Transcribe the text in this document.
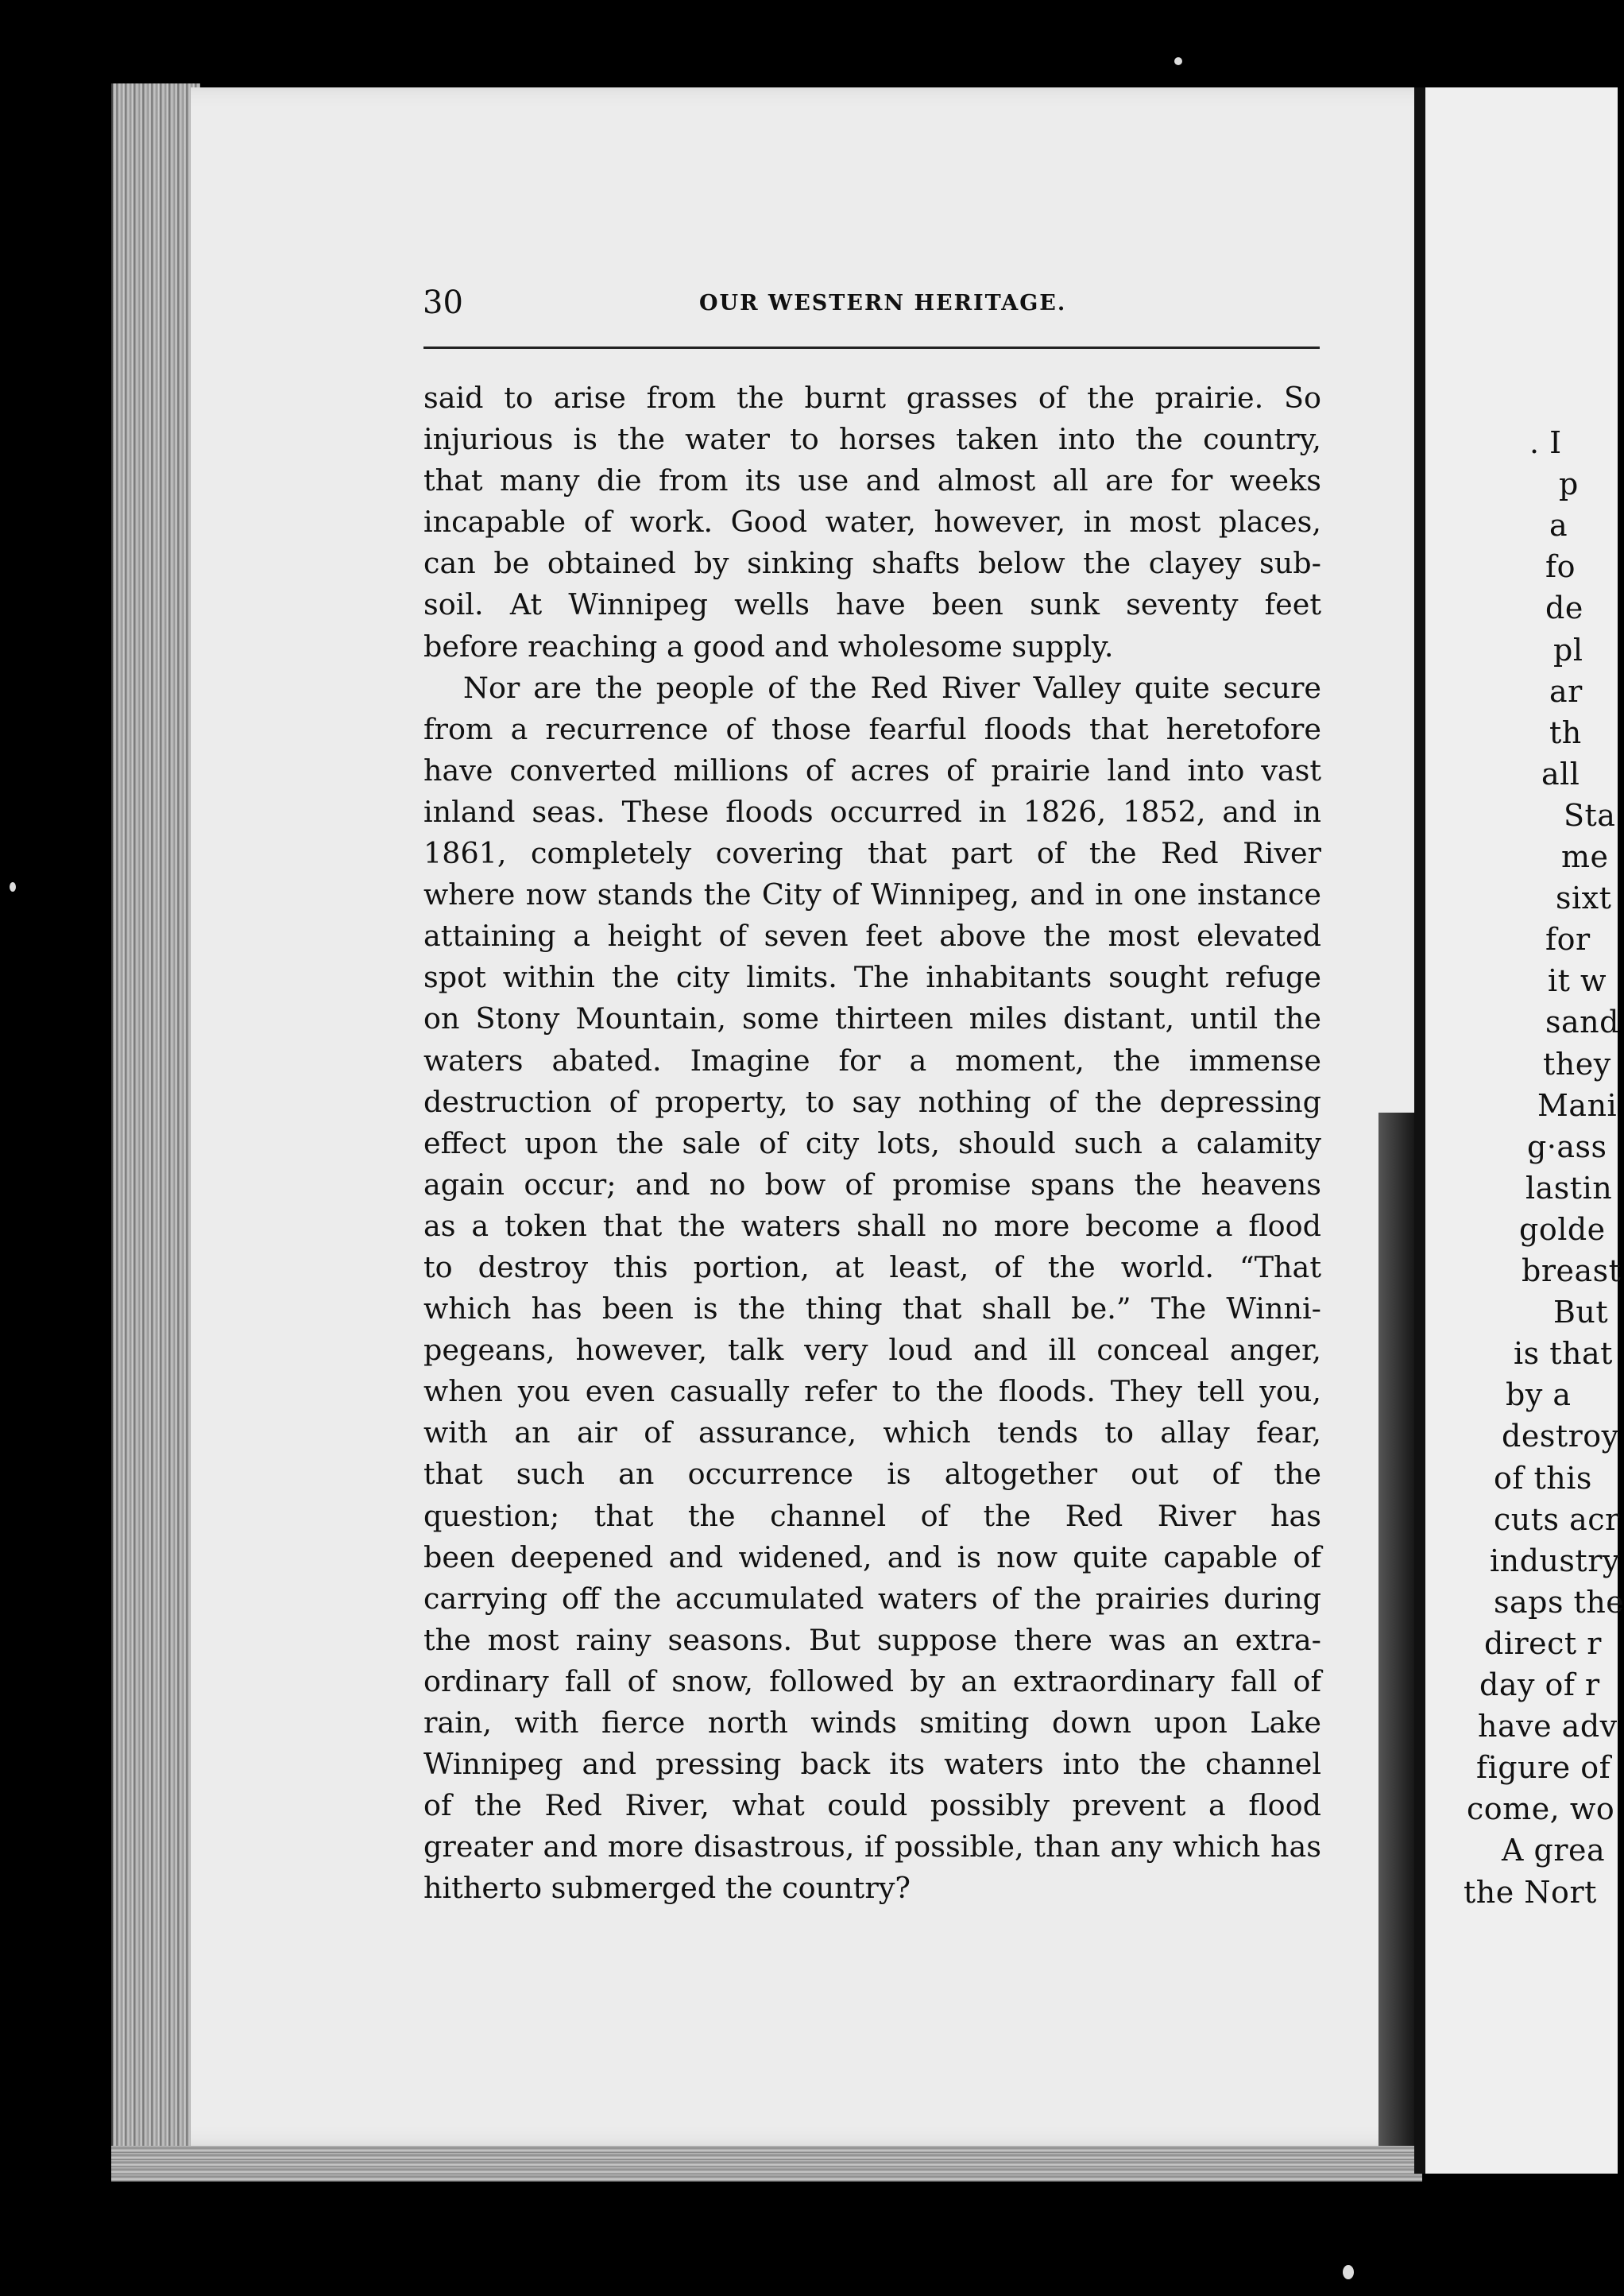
30	OUR WESTERN HERITAGE.
said to arise from the burnt grasses of the prairie. So
injurious is the water to horses taken into the country,
that many die from its use and almost all are for weeks
incapable of work. Good water, however, in most places,
can be obtained by sinking shafts below the clayey sub-
soil. At Winnipeg wells have been sunk seventy feet
before reaching a good and wholesome supply.
Nor are the people of the Red River Valley quite secure
from a recurrence of those fearful floods that heretofore
have converted millions of acres of prairie land into vast
inland seas. These floods occurred in 1826, 1852, and in
1861, completely covering that part of the Red River
where now stands the City of Winnipeg, and in one instance
attaining a height of seven feet above the most elevated
spot within the city limits. The inhabitants sought refuge
on Stony Mountain, some thirteen miles distant, until the
waters abated. Imagine for a moment, the immense
destruction of property, to say nothing of the depressing
effect upon the sale of city lots, should such a calamity
again occur; and no bow of promise spans the heavens
as a token that the waters shall no more become a flood
to destroy this portion, at least, of the world. “That
which has been is the thing that shall be.” The Winni-
pegeans, however, talk very loud and ill conceal anger,
when you even casually refer to the floods. They tell you,
with an air of assurance, which tends to allay fear,
that such an occurrence is altogether out of the
question; that the channel of the Red River has
been deepened and widened, and is now quite capable of
carrying off the accumulated waters of the prairies during
the most rainy seasons. But suppose there was an extra-
ordinary fall of snow, followed by an extraordinary fall of
rain, with fierce north winds smiting down upon Lake
Winnipeg and pressing back its waters into the channel
of the Red River, what could possibly prevent a flood
greater and more disastrous, if possible, than any which has
hitherto submerged the country?
. I
p
a
fo
de
pl
ar
th
all
Sta
me
sixt
for
it w
sand
they
Mani
g·ass
lastin
golde
breast
But
is that
by a
destroy
of this
cuts acr
industry
saps the
direct r
day of r
have adv
figure of
come, wo
A grea
the Nort
